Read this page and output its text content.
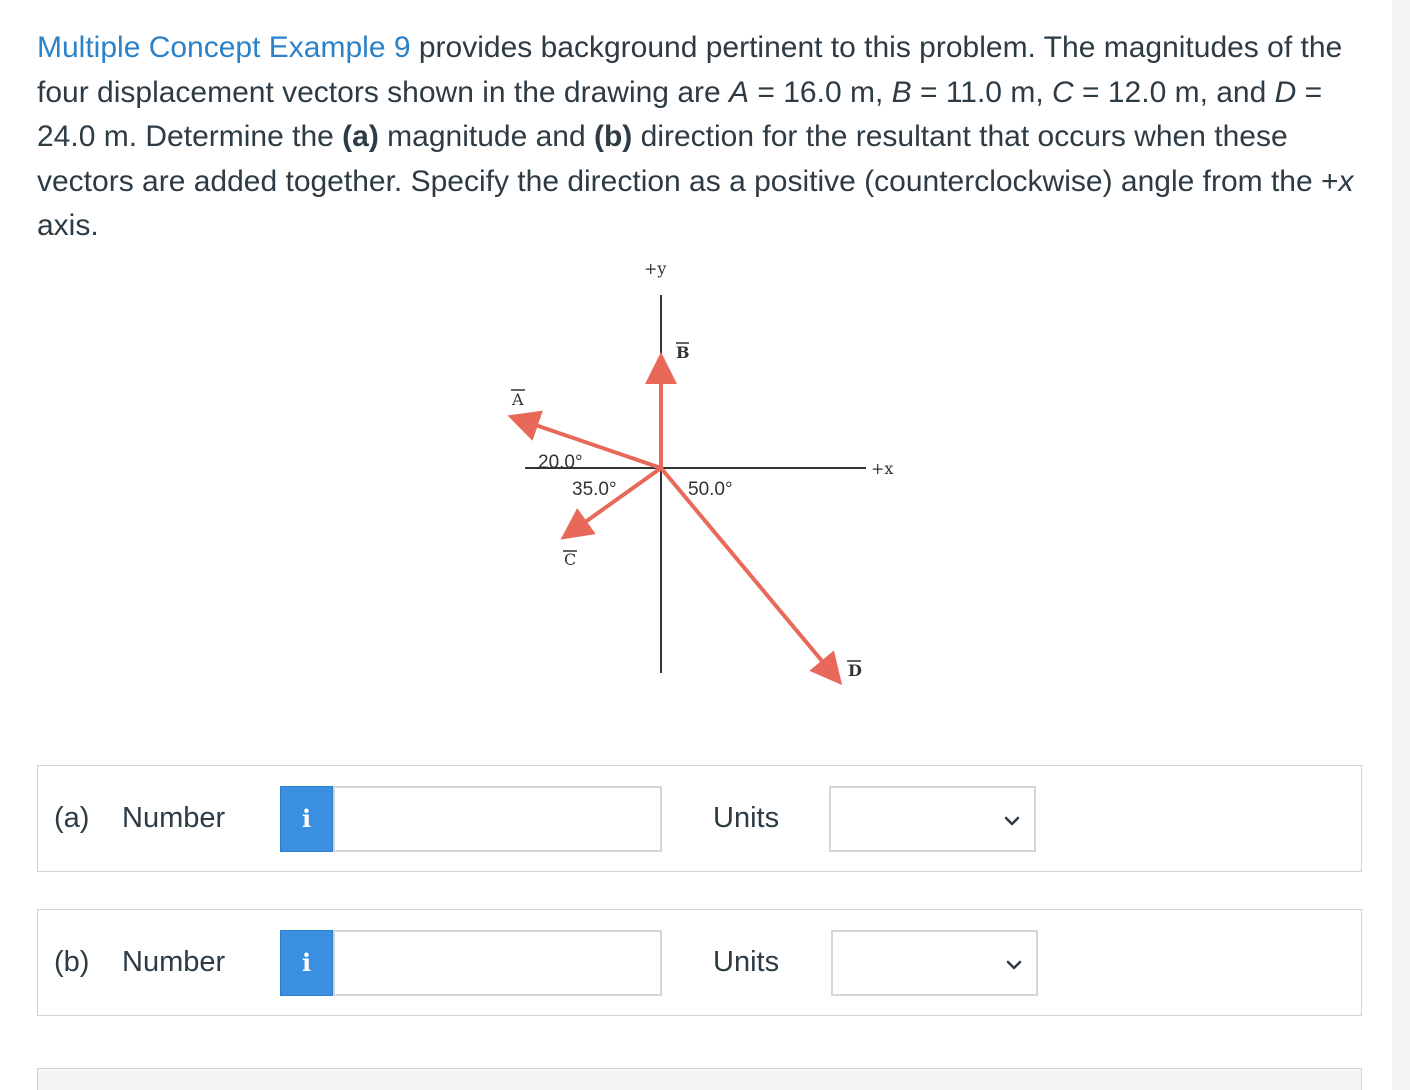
Multiple Concept Example 9 provides background pertinent to this problem. The magnitudes of the four displacement vectors shown in the drawing are A = 16.0 m, B = 11.0 m, C = 12.0 m, and D = 24.0 m. Determine the (a) magnitude and (b) direction for the resultant that occurs when these vectors are added together. Specify the direction as a positive (counterclockwise) angle from the +x axis.
+y
+x
B
A
C
D
20.0°
35.0°	50.0°
(a) Number	i	Units
(b) Number	i	Units
